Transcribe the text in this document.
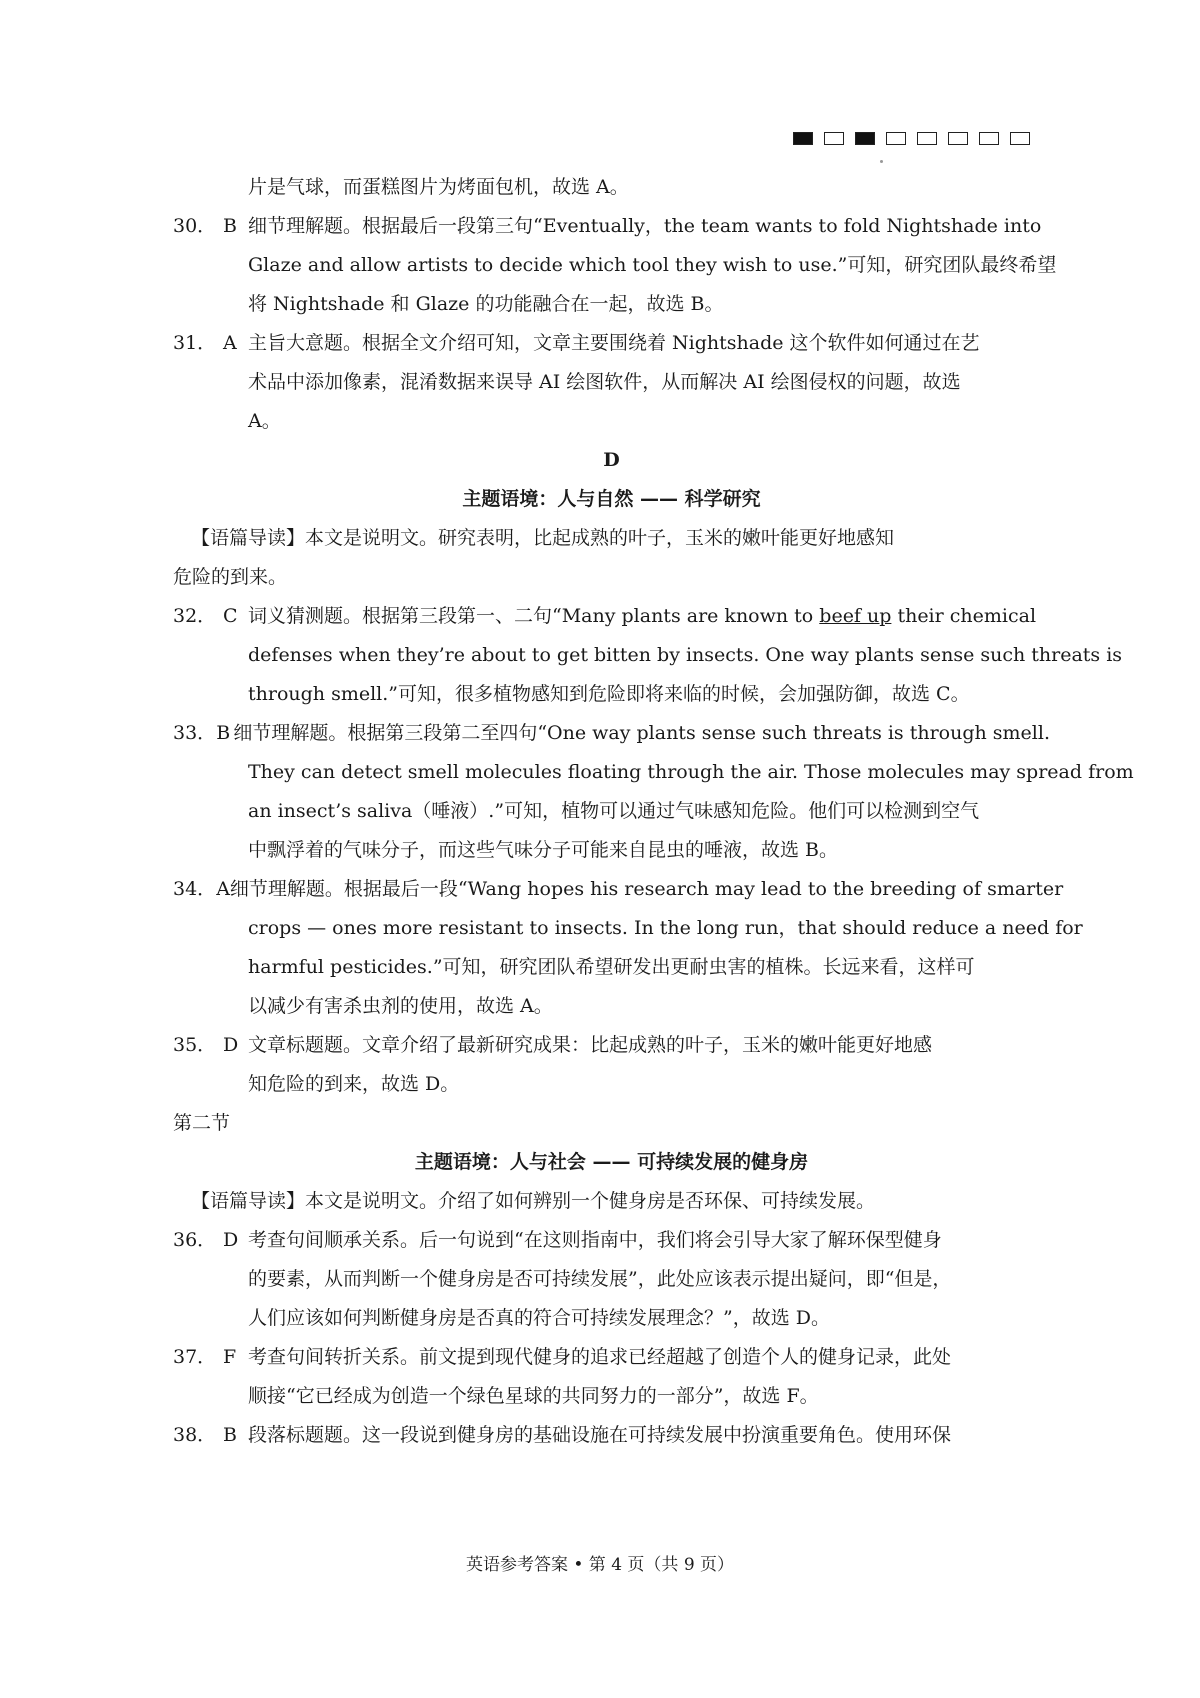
片是气球，而蛋糕图片为烤面包机，故选 A。
30． B 细节理解题。根据最后一段第三句“Eventually，the team wants to fold Nightshade into
Glaze and allow artists to decide which tool they wish to use.”可知，研究团队最终希望
将 Nightshade 和 Glaze 的功能融合在一起，故选 B。
31． A 主旨大意题。根据全文介绍可知，文章主要围绕着 Nightshade 这个软件如何通过在艺
术品中添加像素，混淆数据来误导 AI 绘图软件，从而解决 AI 绘图侵权的问题，故选
A。
D
主题语境：人与自然 —— 科学研究
【语篇导读】本文是说明文。研究表明，比起成熟的叶子，玉米的嫩叶能更好地感知
危险的到来。
32． C 词义猜测题。根据第三段第一、二句“Many plants are known to beef up their chemical
defenses when they’re about to get bitten by insects. One way plants sense such threats is
through smell.”可知，很多植物感知到危险即将来临的时候，会加强防御，故选 C。
33． B 细节理解题。根据第三段第二至四句“One way plants sense such threats is through smell.
They can detect smell molecules floating through the air. Those molecules may spread from
an insect’s saliva（唾液）.”可知，植物可以通过气味感知危险。他们可以检测到空气
中飘浮着的气味分子，而这些气味分子可能来自昆虫的唾液，故选 B。
34． A 细节理解题。根据最后一段“Wang hopes his research may lead to the breeding of smarter
crops — ones more resistant to insects. In the long run，that should reduce a need for
harmful pesticides.”可知，研究团队希望研发出更耐虫害的植株。长远来看，这样可
以减少有害杀虫剂的使用，故选 A。
35． D 文章标题题。文章介绍了最新研究成果：比起成熟的叶子，玉米的嫩叶能更好地感
知危险的到来，故选 D。
第二节
主题语境：人与社会 —— 可持续发展的健身房
【语篇导读】本文是说明文。介绍了如何辨别一个健身房是否环保、可持续发展。
36． D 考查句间顺承关系。后一句说到“在这则指南中，我们将会引导大家了解环保型健身
的要素，从而判断一个健身房是否可持续发展”，此处应该表示提出疑问，即“但是，
人们应该如何判断健身房是否真的符合可持续发展理念？”，故选 D。
37． F 考查句间转折关系。前文提到现代健身的追求已经超越了创造个人的健身记录，此处
顺接“它已经成为创造一个绿色星球的共同努力的一部分”，故选 F。
38． B 段落标题题。这一段说到健身房的基础设施在可持续发展中扮演重要角色。使用环保
英语参考答案 • 第 4 页（共 9 页）
